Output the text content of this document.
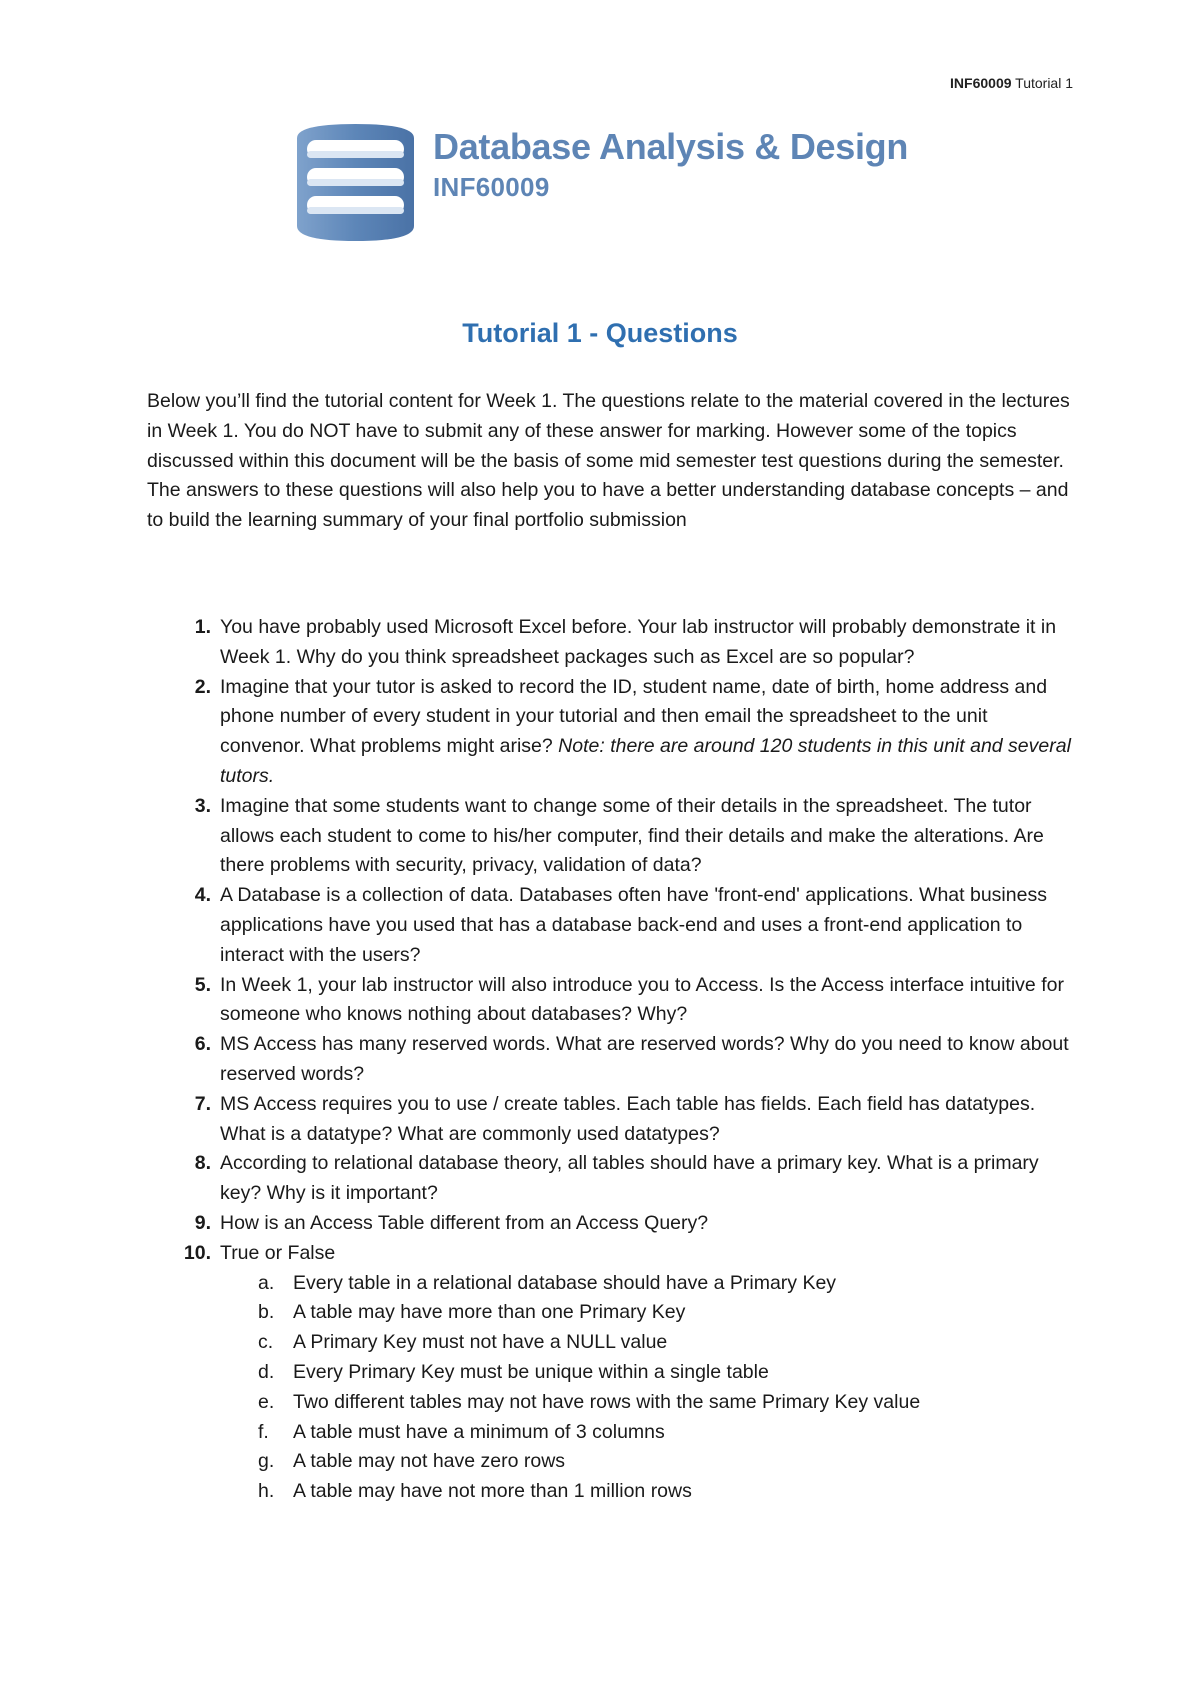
INF60009 Tutorial 1
Database Analysis & Design
INF60009
Tutorial 1 - Questions

Below you’ll find the tutorial content for Week 1. The questions relate to the material covered in the lectures in Week 1. You do NOT have to submit any of these answer for marking. However some of the topics discussed within this document will be the basis of some mid semester test questions during the semester. The answers to these questions will also help you to have a better understanding database concepts – and to build the learning summary of your final portfolio submission

1. You have probably used Microsoft Excel before. Your lab instructor will probably demonstrate it in Week 1. Why do you think spreadsheet packages such as Excel are so popular?
2. Imagine that your tutor is asked to record the ID, student name, date of birth, home address and phone number of every student in your tutorial and then email the spreadsheet to the unit convenor. What problems might arise? Note: there are around 120 students in this unit and several tutors.
3. Imagine that some students want to change some of their details in the spreadsheet. The tutor allows each student to come to his/her computer, find their details and make the alterations. Are there problems with security, privacy, validation of data?
4. A Database is a collection of data. Databases often have 'front-end' applications. What business applications have you used that has a database back-end and uses a front-end application to interact with the users?
5. In Week 1, your lab instructor will also introduce you to Access. Is the Access interface intuitive for someone who knows nothing about databases? Why?
6. MS Access has many reserved words. What are reserved words? Why do you need to know about reserved words?
7. MS Access requires you to use / create tables. Each table has fields. Each field has datatypes. What is a datatype? What are commonly used datatypes?
8. According to relational database theory, all tables should have a primary key. What is a primary key? Why is it important?
9. How is an Access Table different from an Access Query?
10. True or False
a. Every table in a relational database should have a Primary Key
b. A table may have more than one Primary Key
c. A Primary Key must not have a NULL value
d. Every Primary Key must be unique within a single table
e. Two different tables may not have rows with the same Primary Key value
f. A table must have a minimum of 3 columns
g. A table may not have zero rows
h. A table may have not more than 1 million rows
